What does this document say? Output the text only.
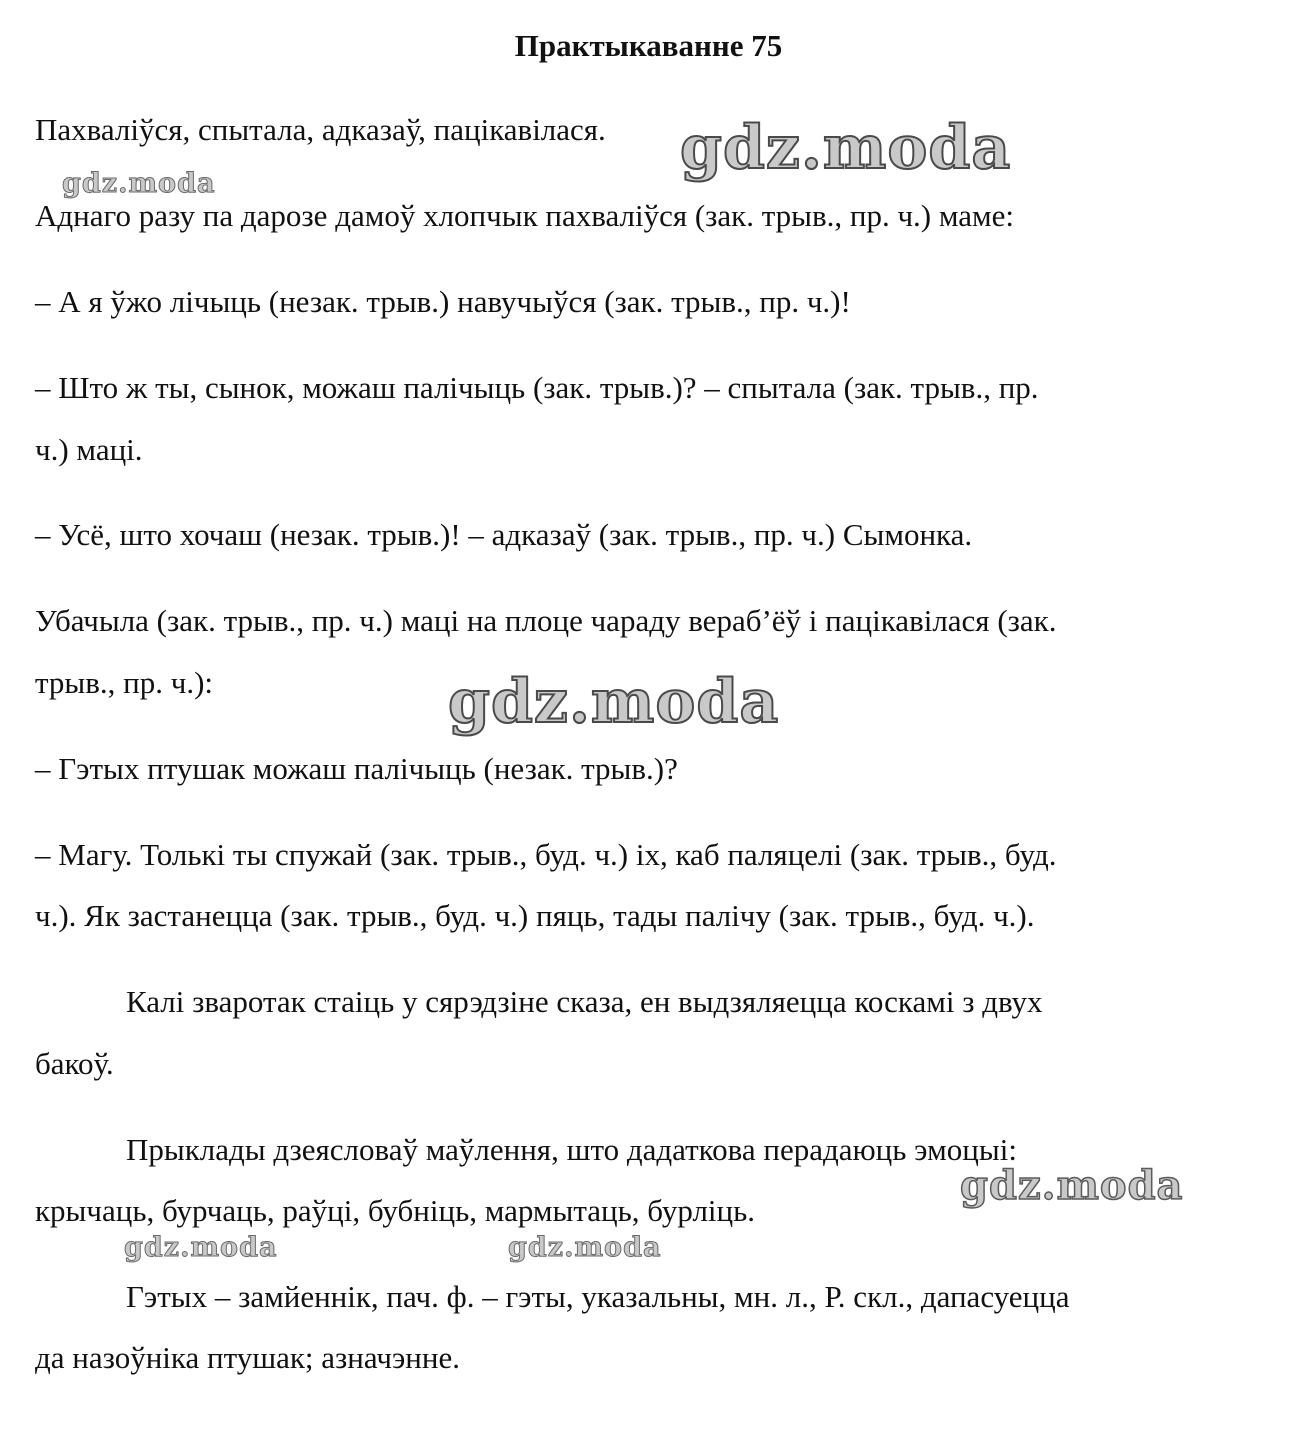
Практыкаванне 75
Пахваліўся, спытала, адказаў, пацікавілася.
Аднаго разу па дарозе дамоў хлопчык пахваліўся (зак. трыв., пр. ч.) маме:
– А я ўжо лічыць (незак. трыв.) навучыўся (зак. трыв., пр. ч.)!
– Што ж ты, сынок, можаш палічыць (зак. трыв.)? – спытала (зак. трыв., пр.
ч.) маці.
– Усё, што хочаш (незак. трыв.)! – адказаў (зак. трыв., пр. ч.) Сымонка.
Убачыла (зак. трыв., пр. ч.) маці на плоце чараду вераб’ёў і пацікавілася (зак.
трыв., пр. ч.):
– Гэтых птушак можаш палічыць (незак. трыв.)?
– Магу. Толькі ты спужай (зак. трыв., буд. ч.) іх, каб паляцелі (зак. трыв., буд.
ч.). Як застанецца (зак. трыв., буд. ч.) пяць, тады палічу (зак. трыв., буд. ч.).
Калі зваротак стаіць у сярэдзіне сказа, ен выдзяляецца коскамі з двух
бакоў.
Прыклады дзеясловаў маўлення, што дадаткова перадаюць эмоцыі:
крычаць, бурчаць, раўці, бубніць, мармытаць, бурліць.
Гэтых – замйеннік, пач. ф. – гэты, указальны, мн. л., Р. скл., дапасуецца
да назоўніка птушак; азначэнне.
gdz.moda
gdz.moda
gdz.moda
gdz.moda
gdz.moda	gdz.moda
